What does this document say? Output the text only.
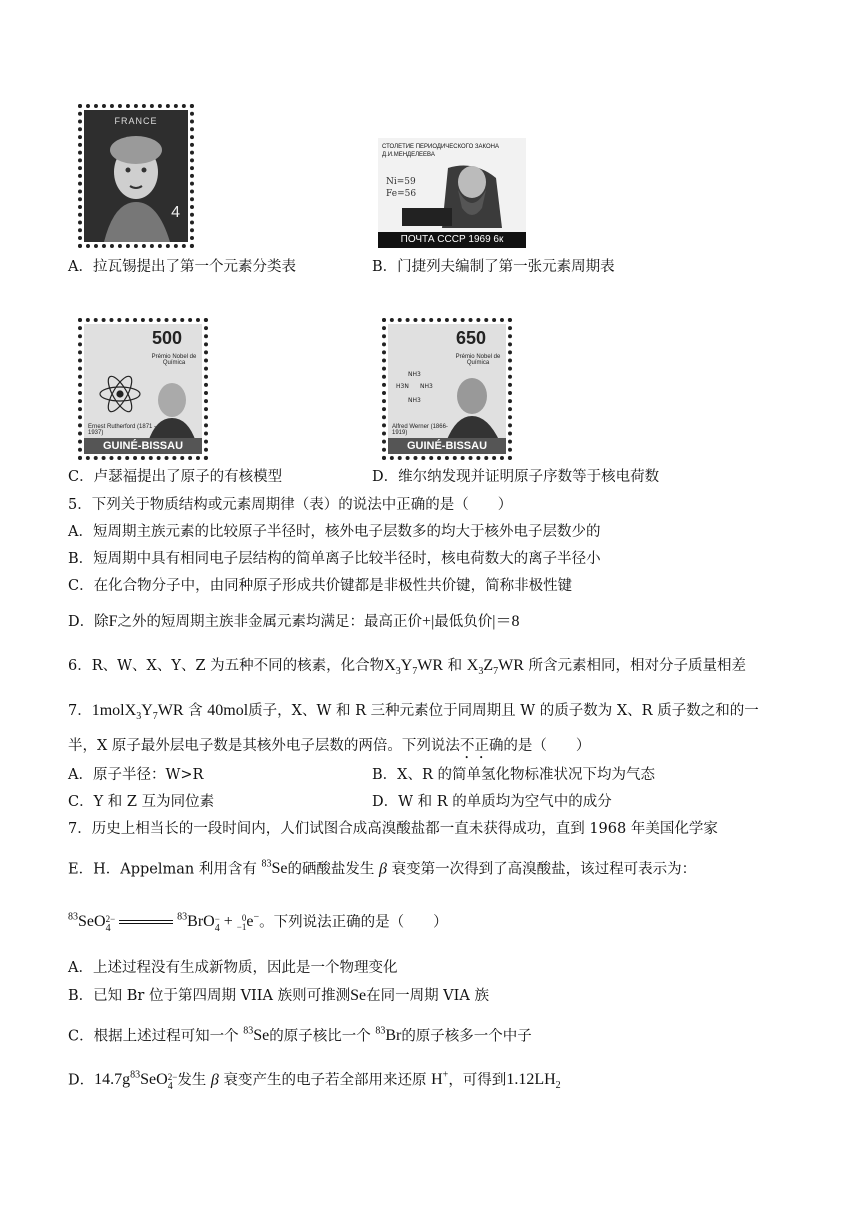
FRANCE
4
СТОЛЕТИЕ ПЕРИОДИЧЕСКОГО ЗАКОНА
Д.И.МЕНДЕЛЕЕВА
Ni=59
Fe=56
ПОЧТА СССР 1969 6к
A．拉瓦锡提出了第一个元素分类表	B．门捷列夫编制了第一张元素周期表
500
Prémio Nobel de Química
Ernest Rutherford (1871 - 1937)
GUINÉ-BISSAU
650
Prémio Nobel de Química
NH3
H3N NH3
NH3
Alfred Werner (1866-1919)
GUINÉ-BISSAU
C．卢瑟福提出了原子的有核模型	D．维尔纳发现并证明原子序数等于核电荷数
5．下列关于物质结构或元素周期律（表）的说法中正确的是（　　）
A．短周期主族元素的比较原子半径时，核外电子层数多的均大于核外电子层数少的
B．短周期中具有相同电子层结构的简单离子比较半径时，核电荷数大的离子半径小
C．在化合物分子中，由同种原子形成共价键都是非极性共价键，简称非极性键
D．除F之外的短周期主族非金属元素均满足：最高正价+|最低负价|＝8
6．R、W、X、Y、Z 为五种不同的核素，化合物$X_3Y_7WR$ 和 $X_3Z_7WR$ 所含元素相同，相对分子质量相差
7．$1molX_3Y_7WR$ 含 40mol质子，X、W 和 R 三种元素位于同周期且 W 的质子数为 X、R 质子数之和的一
半，X 原子最外层电子数是其核外电子层数的两倍。下列说法不正确的是（　　）
A．原子半径：W>R	B．X、R 的简单氢化物标准状况下均为气态
C．Y 和 Z 互为同位素	D．W 和 R 的单质均为空气中的成分
7．历史上相当长的一段时间内，人们试图合成高溴酸盐都一直未获得成功，直到 1968 年美国化学家
E．H．Appelman 利用含有 $^{83}$Se的硒酸盐发生 β 衰变第一次得到了高溴酸盐，该过程可表示为：
$^{83}$SeO $_{2- 4}$ $^{83}$BrO $_{- 4}$ + 0
−1e−。下列说法正确的是（　　）
A．上述过程没有生成新物质，因此是一个物理变化
B．已知 Br 位于第四周期 VIIA 族则可推测Se在同一周期 VIA 族
C．根据上述过程可知一个 $^{83}$Se的原子核比一个 $^{83}$Br的原子核多一个中子
D．$14.7g^{83}SeO$ $_{2- 4}$ 发生 β 衰变产生的电子若全部用来还原 H+，可得到$1.12LH_2$
